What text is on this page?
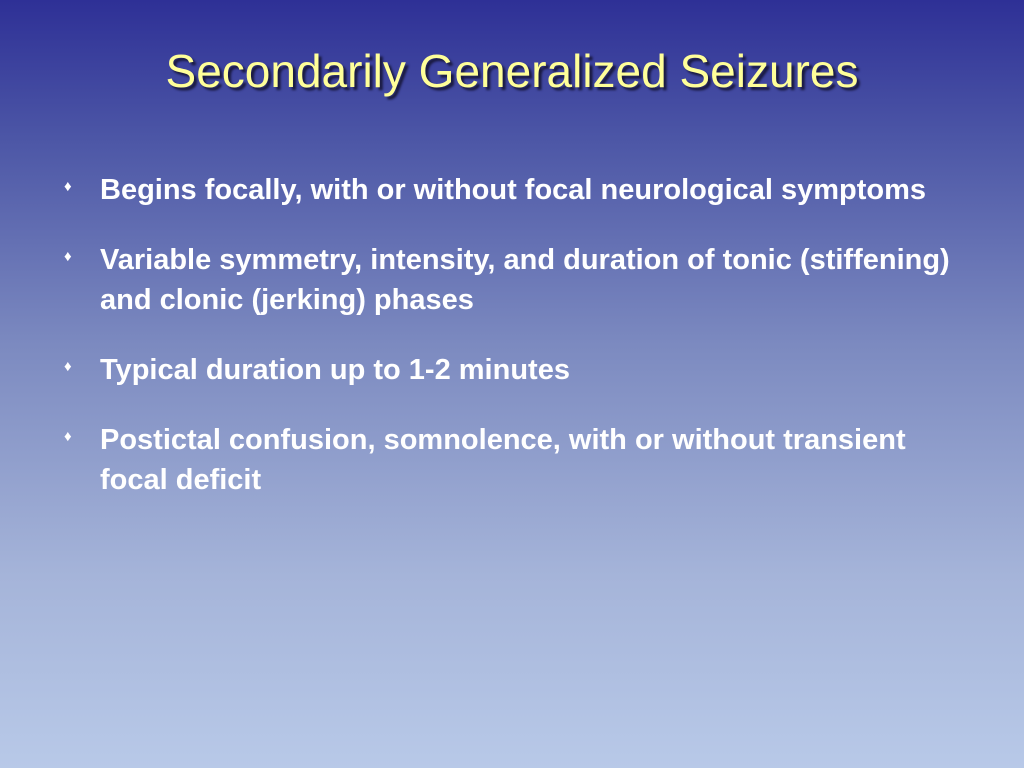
Secondarily Generalized Seizures
♦ Begins focally, with or without focal neurological symptoms
♦ Variable symmetry, intensity, and duration of tonic (stiffening) and clonic (jerking) phases
♦ Typical duration up to 1-2 minutes
♦ Postictal confusion, somnolence, with or without transient focal deficit
